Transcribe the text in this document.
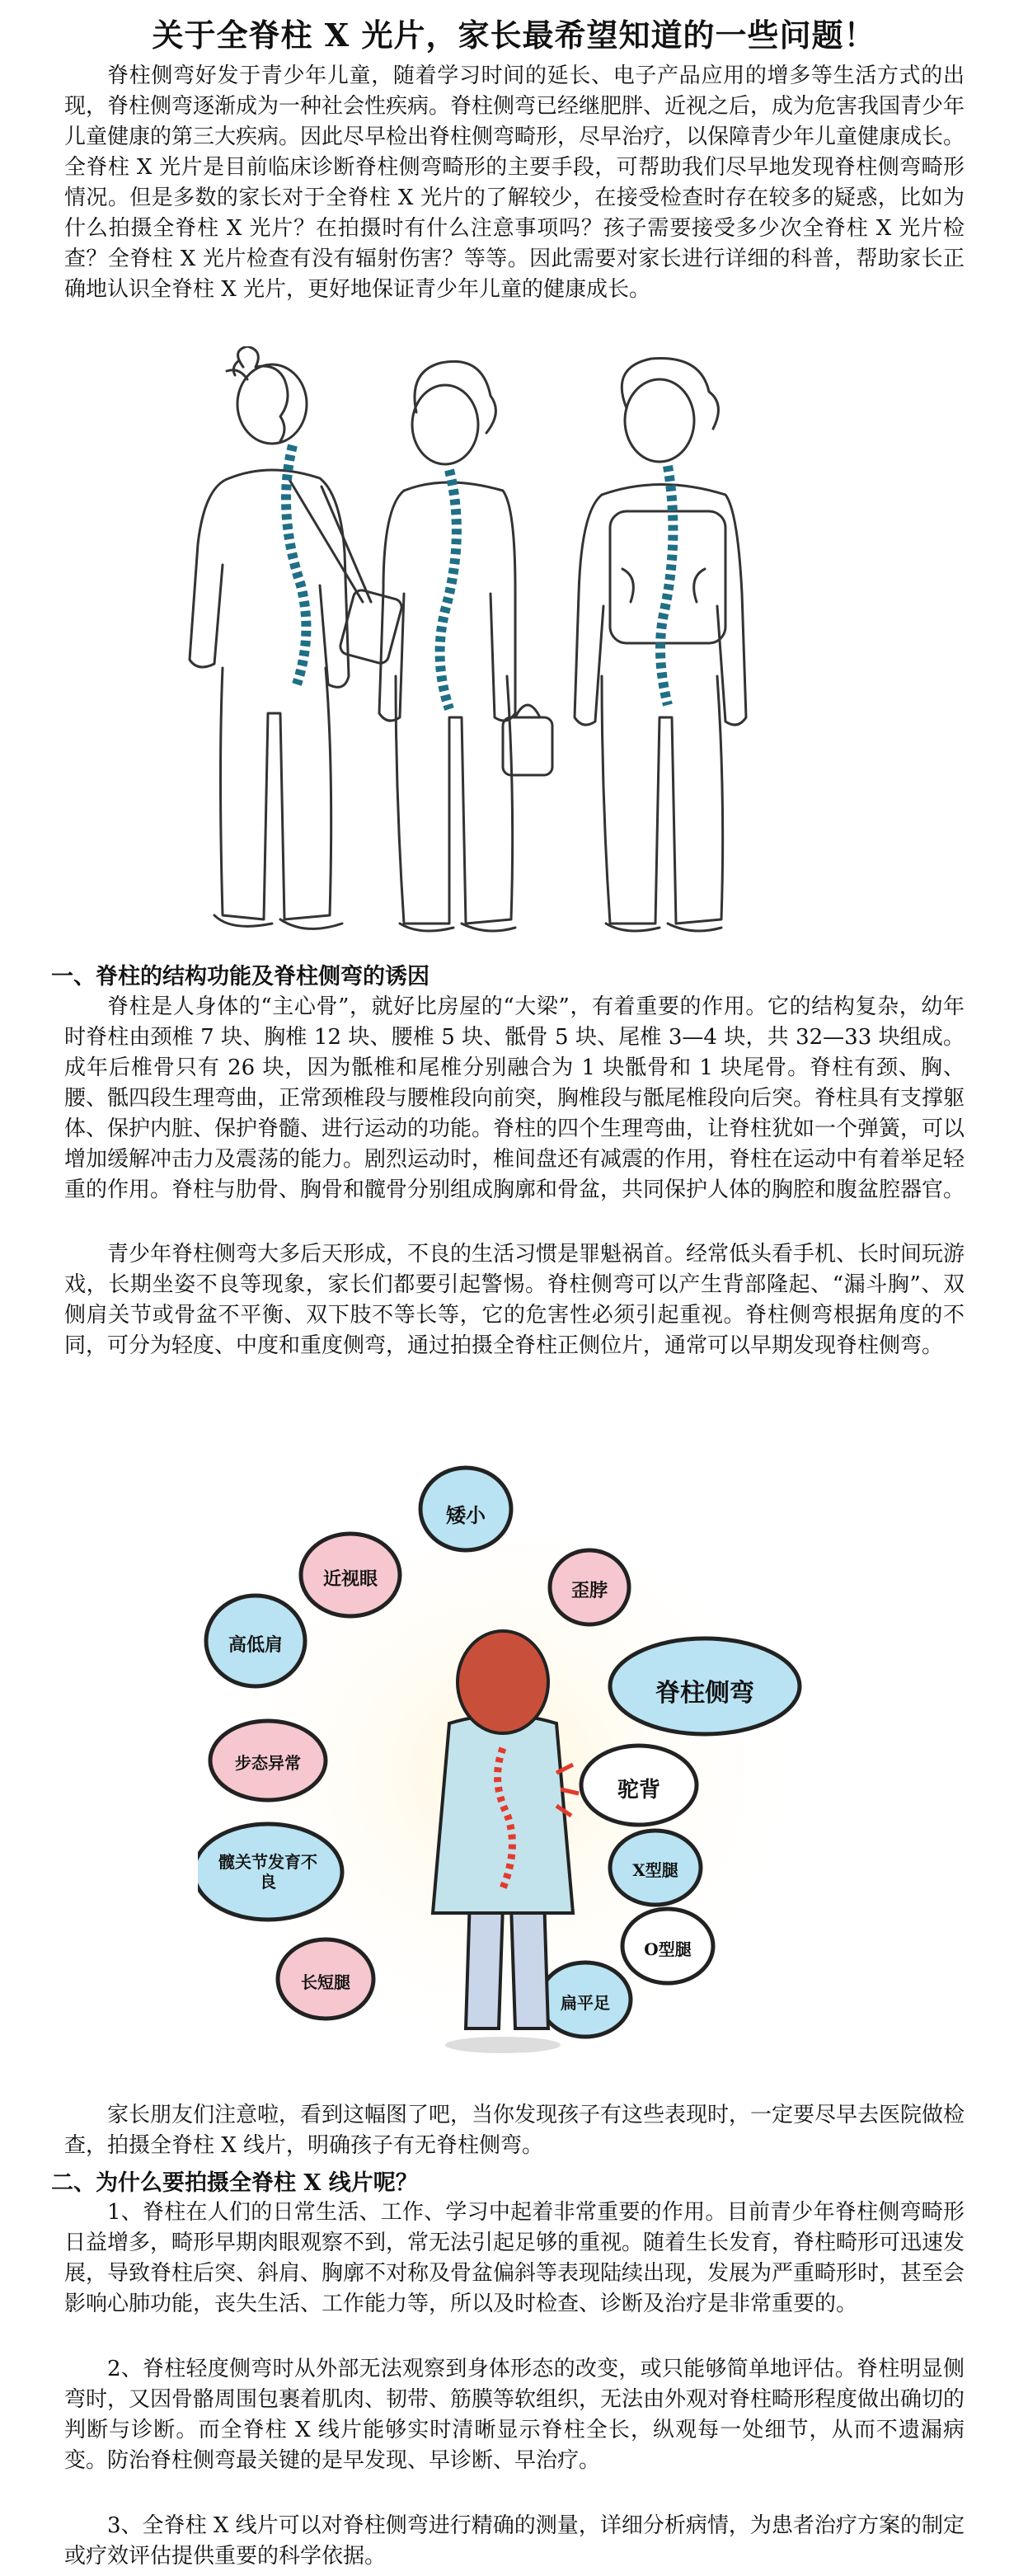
关于全脊柱 X 光片，家长最希望知道的一些问题！

脊柱侧弯好发于青少年儿童，随着学习时间的延长、电子产品应用的增多等生活方式的出现，脊柱侧弯逐渐成为一种社会性疾病。脊柱侧弯已经继肥胖、近视之后，成为危害我国青少年儿童健康的第三大疾病。因此尽早检出脊柱侧弯畸形，尽早治疗，以保障青少年儿童健康成长。全脊柱 X 光片是目前临床诊断脊柱侧弯畸形的主要手段，可帮助我们尽早地发现脊柱侧弯畸形情况。但是多数的家长对于全脊柱 X 光片的了解较少，在接受检查时存在较多的疑惑，比如为什么拍摄全脊柱 X 光片？在拍摄时有什么注意事项吗？孩子需要接受多少次全脊柱 X 光片检查？全脊柱 X 光片检查有没有辐射伤害？等等。因此需要对家长进行详细的科普，帮助家长正确地认识全脊柱 X 光片，更好地保证青少年儿童的健康成长。

一、脊柱的结构功能及脊柱侧弯的诱因

脊柱是人身体的“主心骨”，就好比房屋的“大梁”，有着重要的作用。它的结构复杂，幼年时脊柱由颈椎 7 块、胸椎 12 块、腰椎 5 块、骶骨 5 块、尾椎 3—4 块，共 32—33 块组成。成年后椎骨只有 26 块，因为骶椎和尾椎分别融合为 1 块骶骨和 1 块尾骨。脊柱有颈、胸、腰、骶四段生理弯曲，正常颈椎段与腰椎段向前突，胸椎段与骶尾椎段向后突。脊柱具有支撑躯体、保护内脏、保护脊髓、进行运动的功能。脊柱的四个生理弯曲，让脊柱犹如一个弹簧，可以增加缓解冲击力及震荡的能力。剧烈运动时，椎间盘还有减震的作用，脊柱在运动中有着举足轻重的作用。脊柱与肋骨、胸骨和髋骨分别组成胸廓和骨盆，共同保护人体的胸腔和腹盆腔器官。

青少年脊柱侧弯大多后天形成，不良的生活习惯是罪魁祸首。经常低头看手机、长时间玩游戏，长期坐姿不良等现象，家长们都要引起警惕。脊柱侧弯可以产生背部隆起、“漏斗胸”、双侧肩关节或骨盆不平衡、双下肢不等长等，它的危害性必须引起重视。脊柱侧弯根据角度的不同，可分为轻度、中度和重度侧弯，通过拍摄全脊柱正侧位片，通常可以早期发现脊柱侧弯。

矮小
近视眼
高低肩
歪脖
脊柱侧弯
驼背
步态异常
X型腿
髋关节发育不良
O型腿
长短腿
扁平足

家长朋友们注意啦，看到这幅图了吧，当你发现孩子有这些表现时，一定要尽早去医院做检查，拍摄全脊柱 X 线片，明确孩子有无脊柱侧弯。

二、为什么要拍摄全脊柱 X 线片呢？

1、脊柱在人们的日常生活、工作、学习中起着非常重要的作用。目前青少年脊柱侧弯畸形日益增多，畸形早期肉眼观察不到，常无法引起足够的重视。随着生长发育，脊柱畸形可迅速发展，导致脊柱后突、斜肩、胸廓不对称及骨盆偏斜等表现陆续出现，发展为严重畸形时，甚至会影响心肺功能，丧失生活、工作能力等，所以及时检查、诊断及治疗是非常重要的。

2、脊柱轻度侧弯时从外部无法观察到身体形态的改变，或只能够简单地评估。脊柱明显侧弯时，又因骨骼周围包裹着肌肉、韧带、筋膜等软组织，无法由外观对脊柱畸形程度做出确切的判断与诊断。而全脊柱 X 线片能够实时清晰显示脊柱全长，纵观每一处细节，从而不遗漏病变。防治脊柱侧弯最关键的是早发现、早诊断、早治疗。

3、全脊柱 X 线片可以对脊柱侧弯进行精确的测量，详细分析病情，为患者治疗方案的制定或疗效评估提供重要的科学依据。
